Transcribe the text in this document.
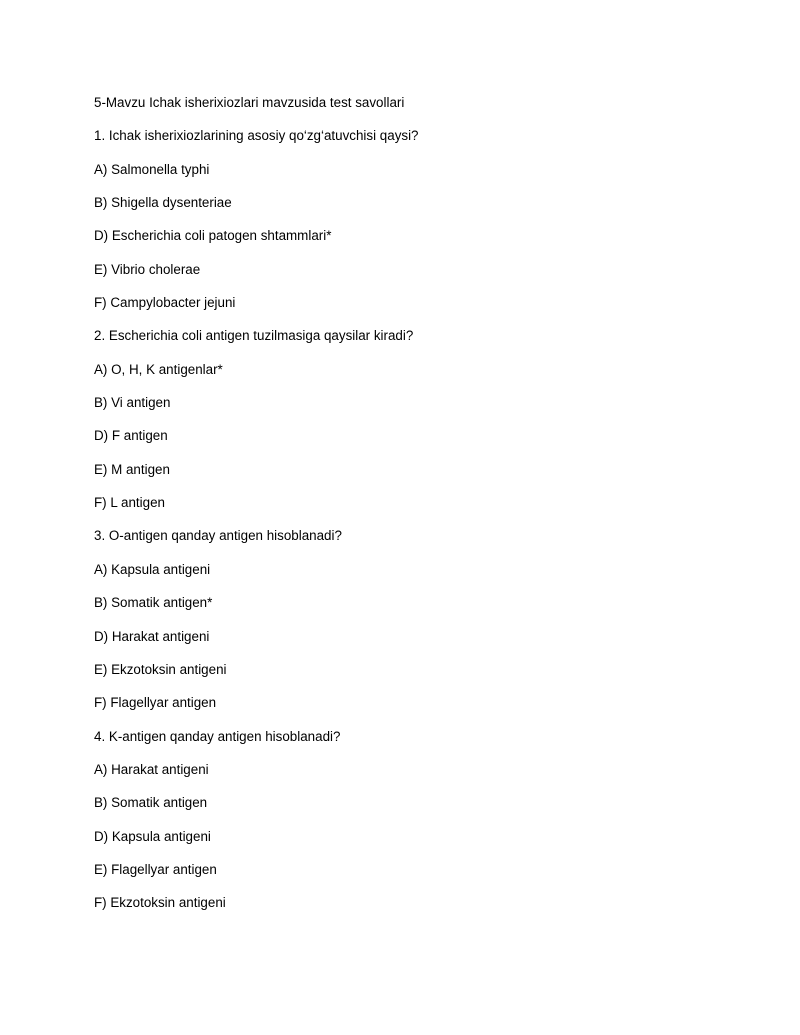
5-Mavzu Ichak isherixiozlari mavzusida test savollari
1. Ichak isherixiozlarining asosiy qo‘zg‘atuvchisi qaysi?
A) Salmonella typhi
B) Shigella dysenteriae
D) Escherichia coli patogen shtammlari*
E) Vibrio cholerae
F) Campylobacter jejuni
2. Escherichia coli antigen tuzilmasiga qaysilar kiradi?
A) O, H, K antigenlar*
B) Vi antigen
D) F antigen
E) M antigen
F) L antigen
3. O-antigen qanday antigen hisoblanadi?
A) Kapsula antigeni
B) Somatik antigen*
D) Harakat antigeni
E) Ekzotoksin antigeni
F) Flagellyar antigen
4. K-antigen qanday antigen hisoblanadi?
A) Harakat antigeni
B) Somatik antigen
D) Kapsula antigeni
E) Flagellyar antigen
F) Ekzotoksin antigeni
